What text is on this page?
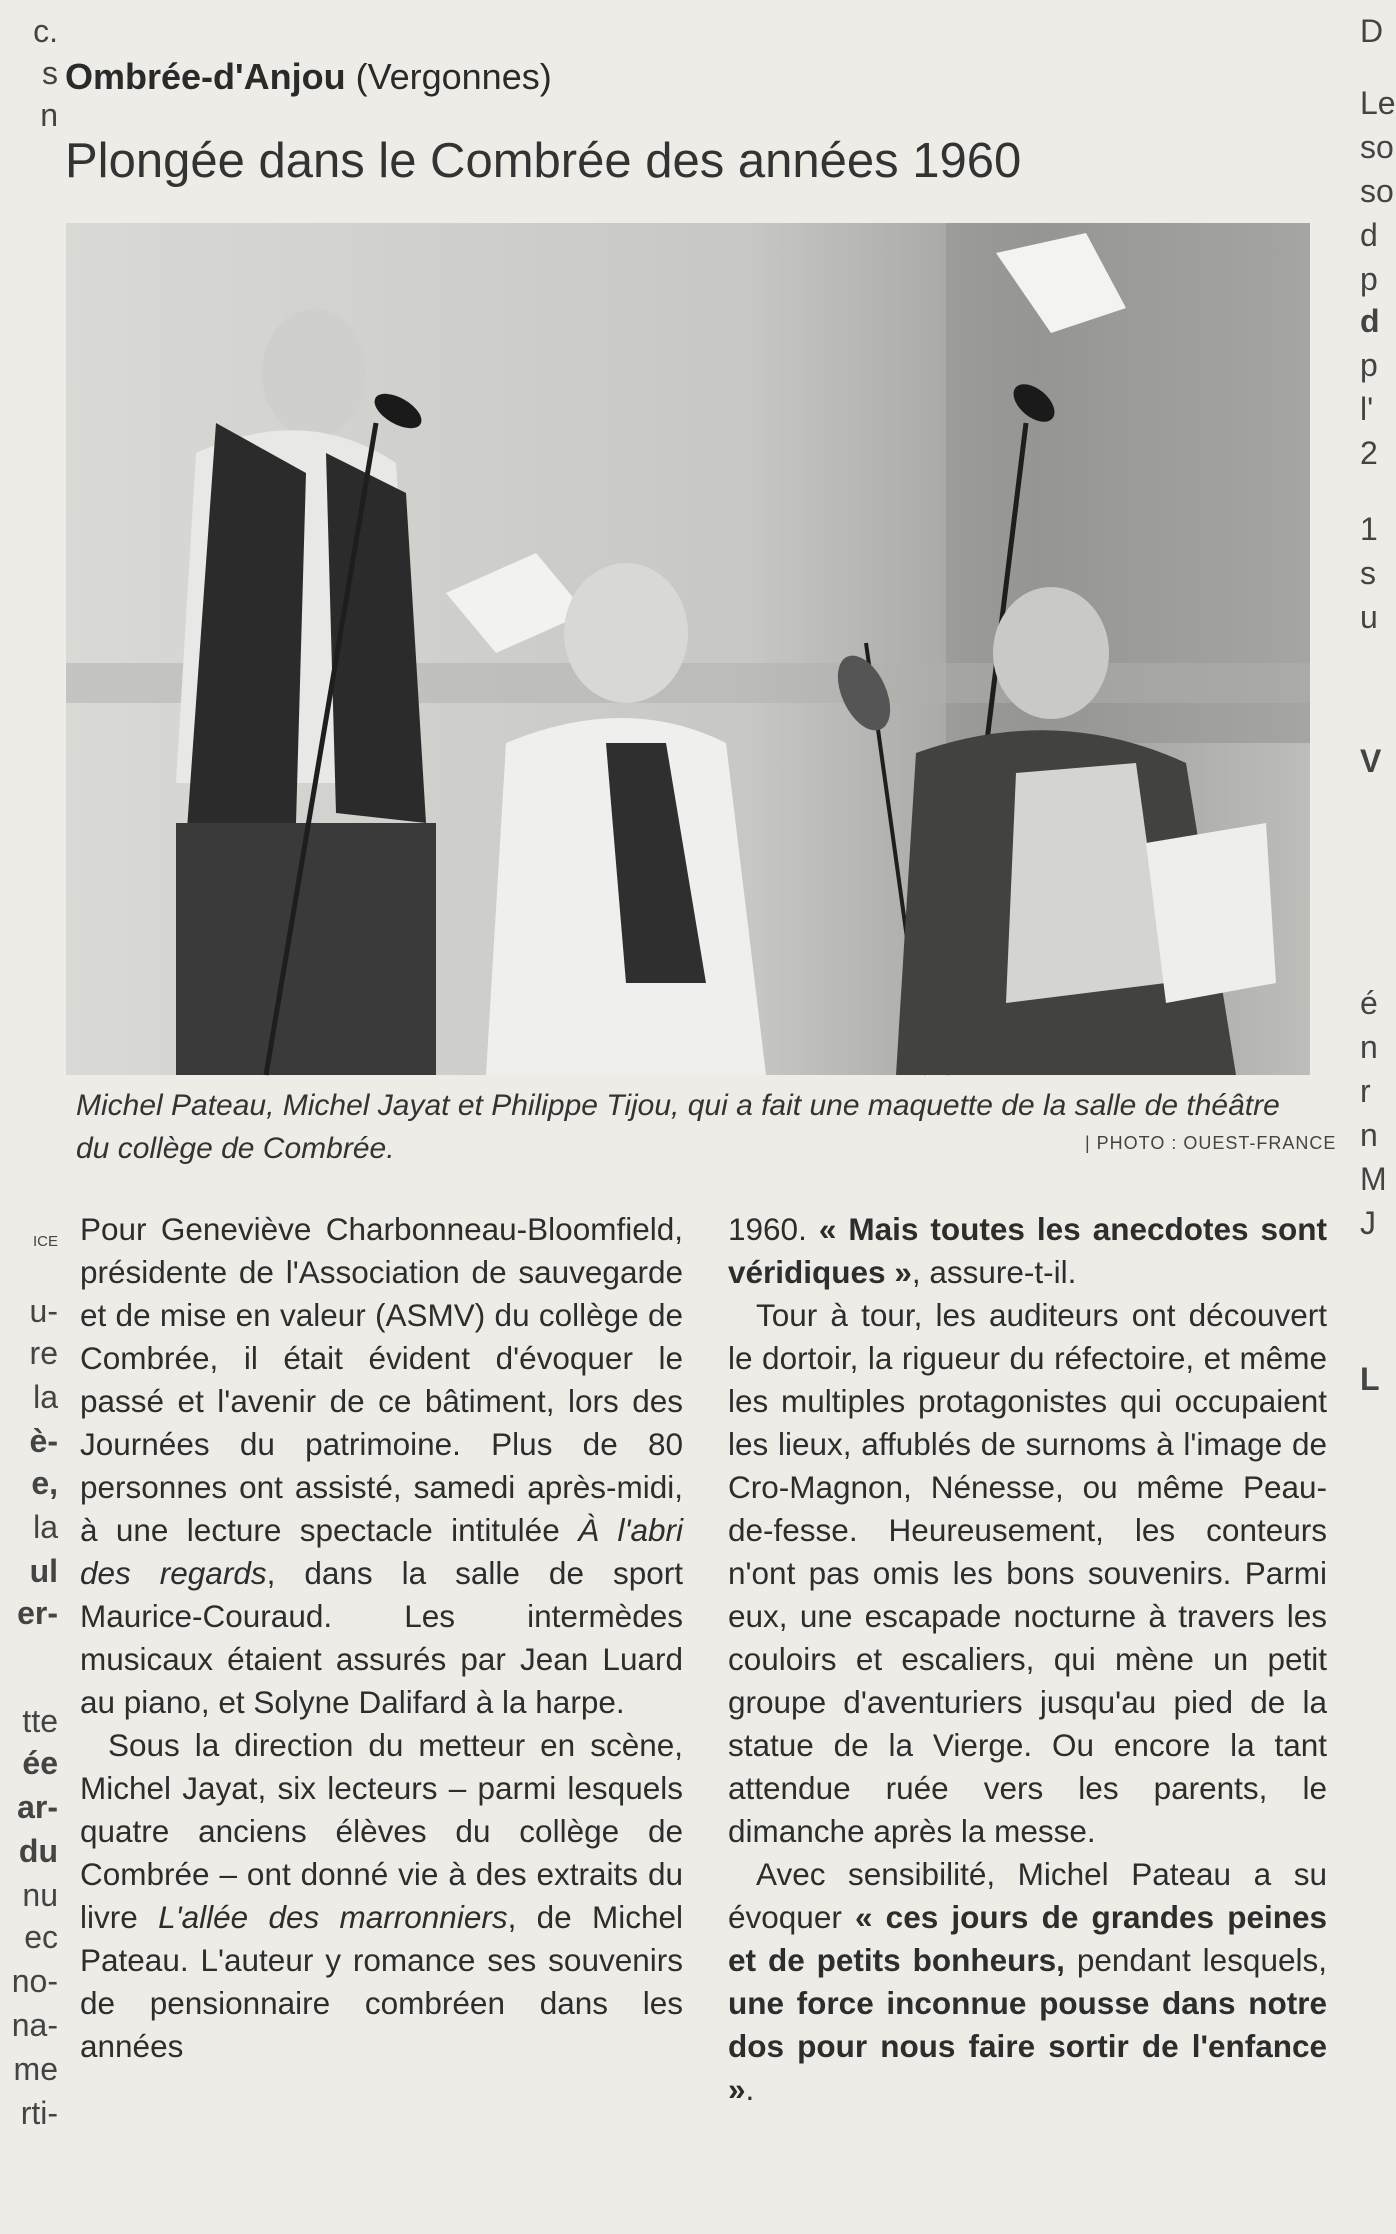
c.
s
n
ICE
u-
re
la
è-
e,
la
ul
er-
tte
ée
ar-
du
nu
ec
no-
na-
me
rti-
D
Le
so
so
d
p
d
p
l'
2
1
s
u
V
é
n
r
n
M
J
L
Ombrée-d'Anjou (Vergonnes)
Plongée dans le Combrée des années 1960
Michel Pateau, Michel Jayat et Philippe Tijou, qui a fait une maquette de la salle de théâtre du collège de Combrée.	| PHOTO : OUEST-FRANCE

Pour Geneviève Charbonneau-Bloomfield, présidente de l'Association de sauvegarde et de mise en valeur (ASMV) du collège de Combrée, il était évident d'évoquer le passé et l'avenir de ce bâtiment, lors des Journées du patrimoine. Plus de 80 personnes ont assisté, samedi après-midi, à une lecture spectacle intitulée À l'abri des regards, dans la salle de sport Maurice-Couraud. Les intermèdes musicaux étaient assurés par Jean Luard au piano, et Solyne Dalifard à la harpe.

Sous la direction du metteur en scène, Michel Jayat, six lecteurs – parmi lesquels quatre anciens élèves du collège de Combrée – ont donné vie à des extraits du livre L'allée des marronniers, de Michel Pateau. L'auteur y romance ses souvenirs de pensionnaire combréen dans les années

1960. « Mais toutes les anecdotes sont véridiques », assure-t-il.

Tour à tour, les auditeurs ont découvert le dortoir, la rigueur du réfectoire, et même les multiples protagonistes qui occupaient les lieux, affublés de surnoms à l'image de Cro-Magnon, Nénesse, ou même Peau-de-fesse. Heureusement, les conteurs n'ont pas omis les bons souvenirs. Parmi eux, une escapade nocturne à travers les couloirs et escaliers, qui mène un petit groupe d'aventuriers jusqu'au pied de la statue de la Vierge. Ou encore la tant attendue ruée vers les parents, le dimanche après la messe.

Avec sensibilité, Michel Pateau a su évoquer « ces jours de grandes peines et de petits bonheurs, pendant lesquels, une force inconnue pousse dans notre dos pour nous faire sortir de l'enfance ».
